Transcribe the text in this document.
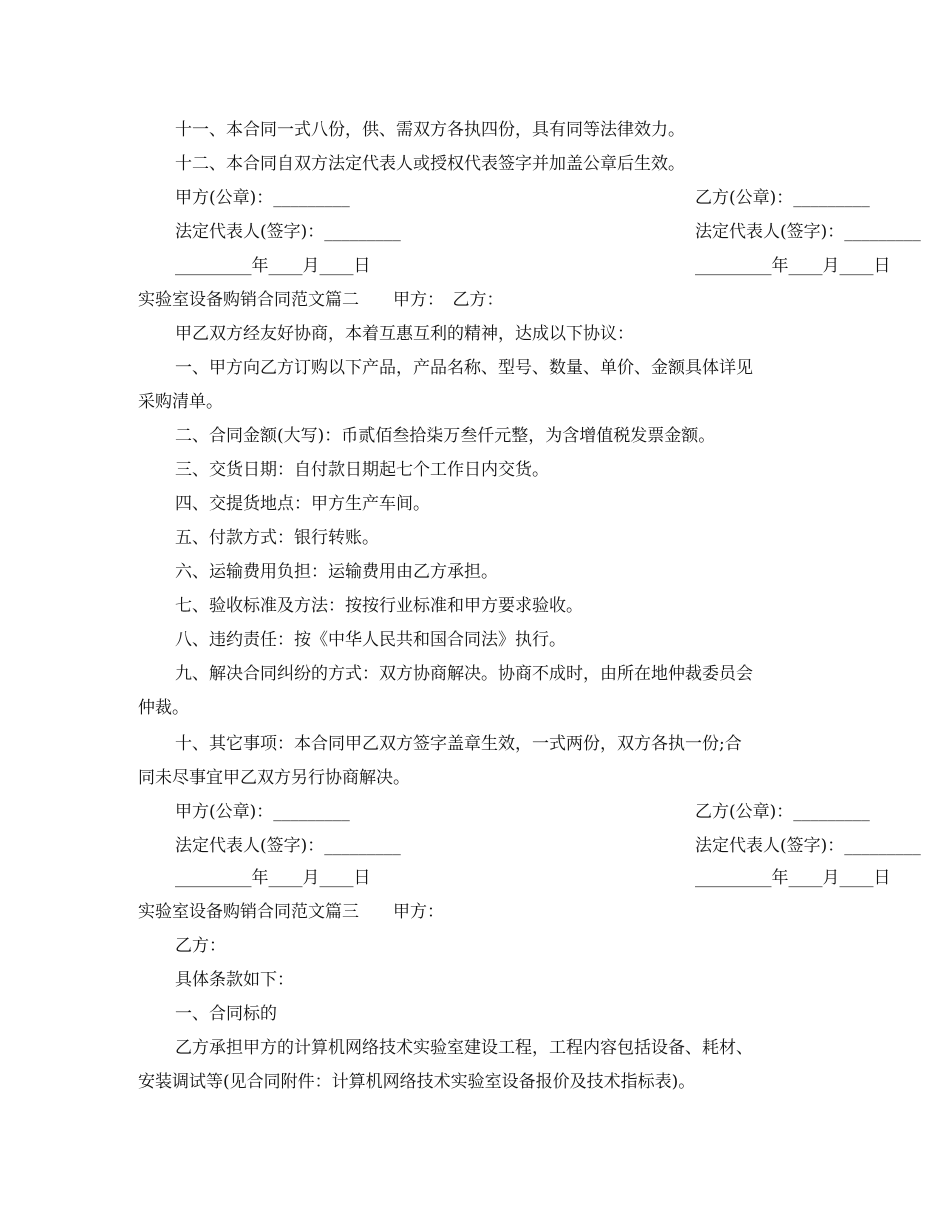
十一、本合同一式八份，供、需双方各执四份，具有同等法律效力。
十二、本合同自双方法定代表人或授权代表签字并加盖公章后生效。
甲方(公章)：_________	乙方(公章)：_________
法定代表人(签字)：_________	法定代表人(签字)：_________
_________年____月____日	_________年____月____日
实验室设备购销合同范文篇二　　甲方：　乙方：
甲乙双方经友好协商，本着互惠互利的精神，达成以下协议：
一、甲方向乙方订购以下产品，产品名称、型号、数量、单价、金额具体详见
采购清单。
二、合同金额(大写)：币贰佰叁拾柒万叁仟元整，为含增值税发票金额。
三、交货日期：自付款日期起七个工作日内交货。
四、交提货地点：甲方生产车间。
五、付款方式：银行转账。
六、运输费用负担：运输费用由乙方承担。
七、验收标准及方法：按按行业标准和甲方要求验收。
八、违约责任：按《中华人民共和国合同法》执行。
九、解决合同纠纷的方式：双方协商解决。协商不成时，由所在地仲裁委员会
仲裁。
十、其它事项：本合同甲乙双方签字盖章生效，一式两份，双方各执一份;合
同未尽事宜甲乙双方另行协商解决。
甲方(公章)：_________	乙方(公章)：_________
法定代表人(签字)：_________	法定代表人(签字)：_________
_________年____月____日	_________年____月____日
实验室设备购销合同范文篇三　　甲方：
乙方：
具体条款如下：
一、合同标的
乙方承担甲方的计算机网络技术实验室建设工程，工程内容包括设备、耗材、
安装调试等(见合同附件：计算机网络技术实验室设备报价及技术指标表)。
